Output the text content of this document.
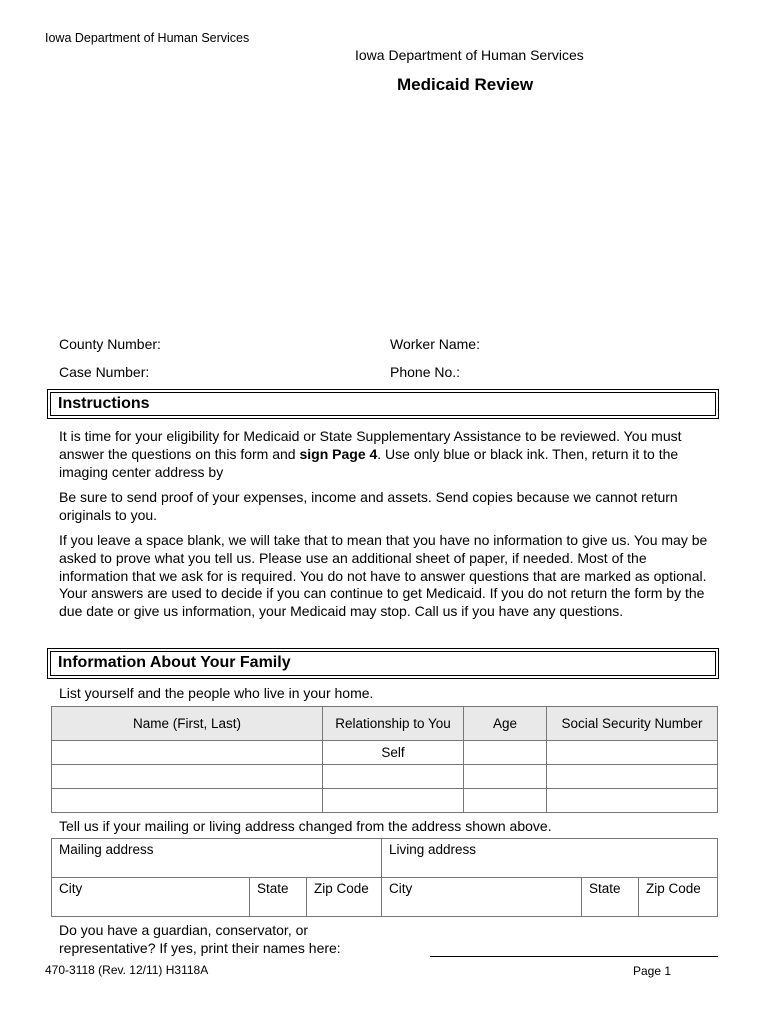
Iowa Department of Human Services
Iowa Department of Human Services
Medicaid Review
County Number:	Worker Name:
Case Number:	Phone No.:
Instructions
It is time for your eligibility for Medicaid or State Supplementary Assistance to be reviewed. You must answer the questions on this form and sign Page 4. Use only blue or black ink. Then, return it to the imaging center address by
Be sure to send proof of your expenses, income and assets. Send copies because we cannot return originals to you.
If you leave a space blank, we will take that to mean that you have no information to give us. You may be asked to prove what you tell us. Please use an additional sheet of paper, if needed. Most of the information that we ask for is required. You do not have to answer questions that are marked as optional. Your answers are used to decide if you can continue to get Medicaid. If you do not return the form by the due date or give us information, your Medicaid may stop. Call us if you have any questions.
Information About Your Family
List yourself and the people who live in your home.
Name (First, Last)	Relationship to You	Age	Social Security Number
	Self		

Tell us if your mailing or living address changed from the address shown above.
Mailing address			Living address		
City	State	Zip Code	City	State	Zip Code
Do you have a guardian, conservator, or
representative? If yes, print their names here:
470-3118 (Rev. 12/11) H3118A	Page 1
